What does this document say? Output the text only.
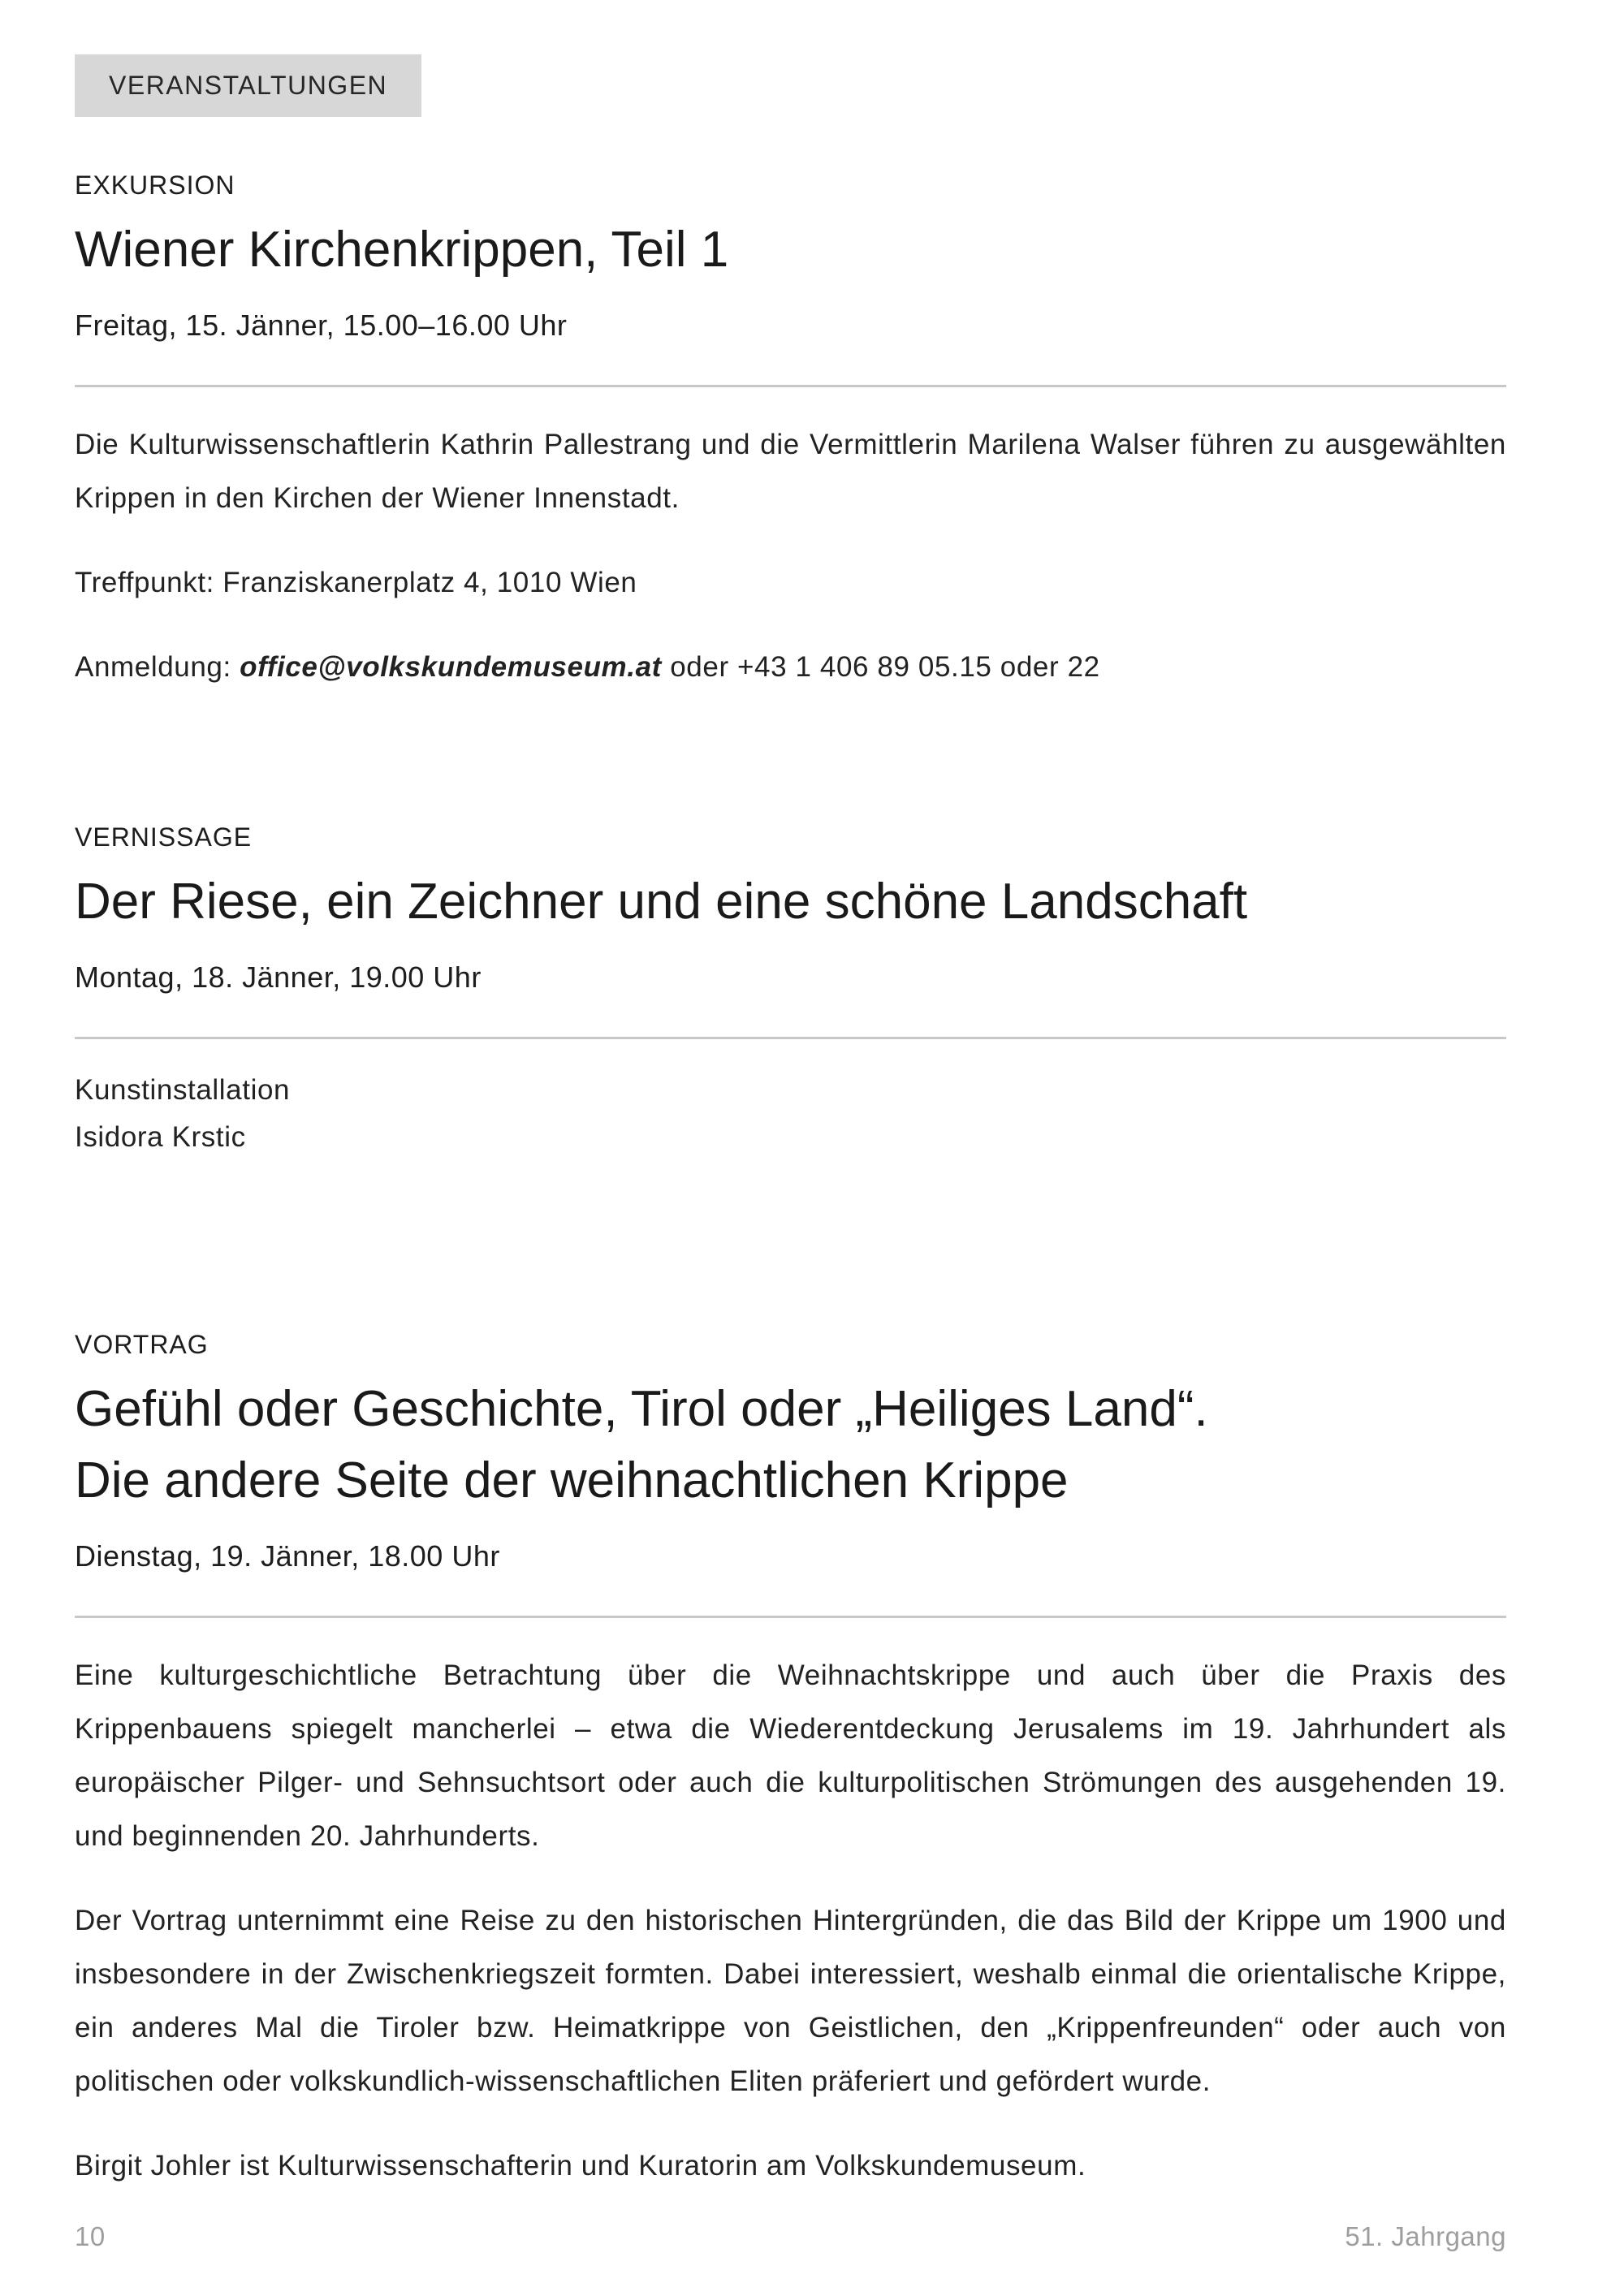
VERANSTALTUNGEN
EXKURSION
Wiener Kirchenkrippen, Teil 1
Freitag, 15. Jänner, 15.00–16.00 Uhr

Die Kulturwissenschaftlerin Kathrin Pallestrang und die Vermittlerin Marilena Walser führen zu ausgewählten Krippen in den Kirchen der Wiener Innenstadt.

Treffpunkt: Franziskanerplatz 4, 1010 Wien

Anmeldung: office@volkskundemuseum.at oder +43 1 406 89 05.15 oder 22

VERNISSAGE
Der Riese, ein Zeichner und eine schöne Landschaft
Montag, 18. Jänner, 19.00 Uhr

Kunstinstallation

Isidora Krstic

VORTRAG
Gefühl oder Geschichte, Tirol oder „Heiliges Land“.
Die andere Seite der weihnachtlichen Krippe
Dienstag, 19. Jänner, 18.00 Uhr

Eine kulturgeschichtliche Betrachtung über die Weihnachtskrippe und auch über die Praxis des Krippenbauens spiegelt mancherlei – etwa die Wiederentdeckung Jerusalems im 19. Jahrhundert als europäischer Pilger- und Sehnsuchtsort oder auch die kulturpolitischen Strömungen des ausgehenden 19. und beginnenden 20. Jahrhunderts.

Der Vortrag unternimmt eine Reise zu den historischen Hintergründen, die das Bild der Krippe um 1900 und insbesondere in der Zwischenkriegszeit formten. Dabei interessiert, weshalb einmal die orientalische Krippe, ein anderes Mal die Tiroler bzw. Heimatkrippe von Geistlichen, den „Krippenfreunden“ oder auch von politischen oder volkskundlich-wissenschaftlichen Eliten präferiert und gefördert wurde.

Birgit Johler ist Kulturwissenschafterin und Kuratorin am Volkskundemuseum.

10	51. Jahrgang
